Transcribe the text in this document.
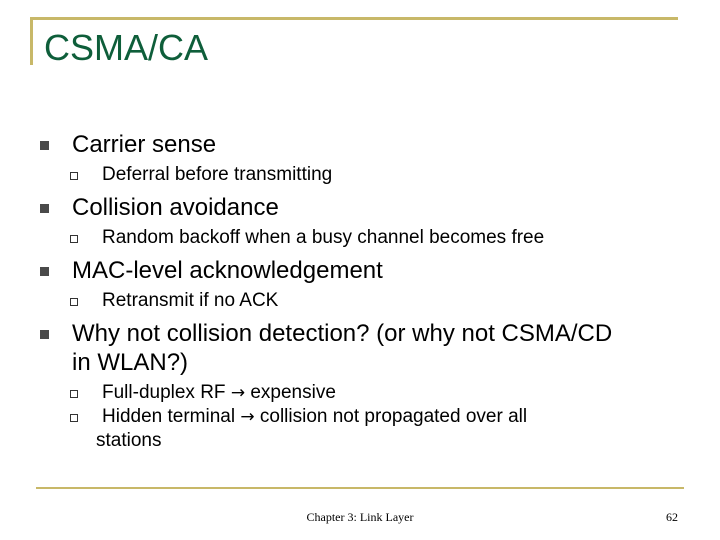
CSMA/CA
Carrier sense
Deferral before transmitting
Collision avoidance
Random backoff when a busy channel becomes free
MAC-level acknowledgement
Retransmit if no ACK
Why not collision detection? (or why not CSMA/CD
in WLAN?)
Full-duplex RF → expensive
Hidden terminal → collision not propagated over all
stations
Chapter 3: Link Layer	62
